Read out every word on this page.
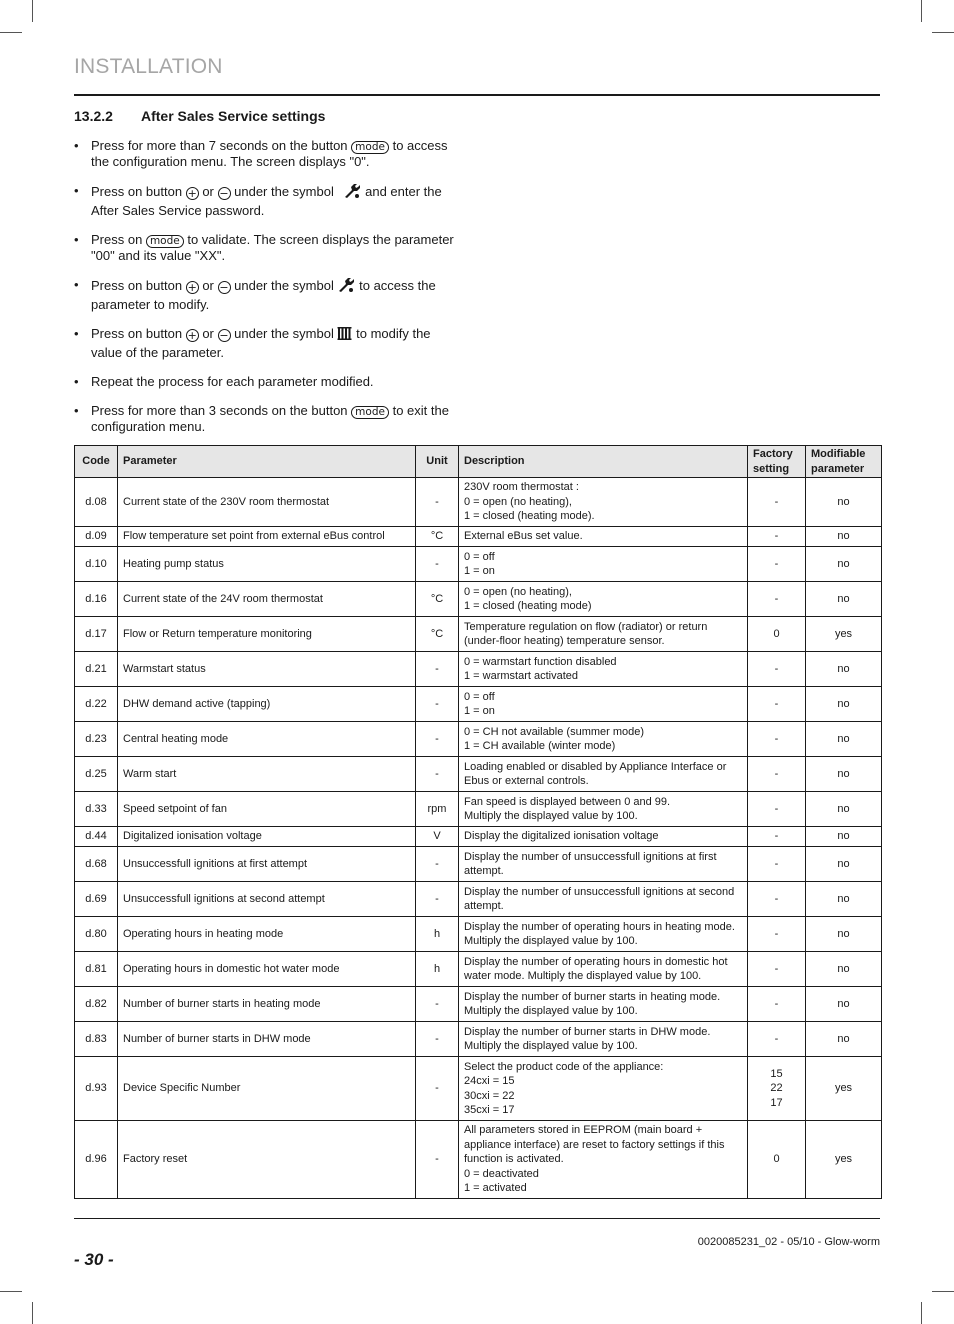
INSTALLATION
13.2.2 After Sales Service settings
• Press for more than 7 seconds on the button mode to access the configuration menu. The screen displays "0".
• Press on button + or − under the symbol and enter the After Sales Service password.
• Press on mode to validate. The screen displays the parameter "00" and its value "XX".
• Press on button + or − under the symbol to access the parameter to modify.
• Press on button + or − under the symbol to modify the value of the parameter.
• Repeat the process for each parameter modified.
• Press for more than 3 seconds on the button mode to exit the configuration menu.
Code	Parameter	Unit	Description	Factory setting	Modifiable parameter
d.08	Current state of the 230V room thermostat	-	230V room thermostat :
0 = open (no heating),
1 = closed (heating mode).	-	no
d.09	Flow temperature set point from external eBus control	°C	External eBus set value.	-	no
d.10	Heating pump status	-	0 = off
1 = on	-	no
d.16	Current state of the 24V room thermostat	°C	0 = open (no heating),
1 = closed (heating mode)	-	no
d.17	Flow or Return temperature monitoring	°C	Temperature regulation on flow (radiator) or return (under-floor heating) temperature sensor.	0	yes
d.21	Warmstart status	-	0 = warmstart function disabled
1 = warmstart activated	-	no
d.22	DHW demand active (tapping)	-	0 = off
1 = on	-	no
d.23	Central heating mode	-	0 = CH not available (summer mode)
1 = CH available (winter mode)	-	no
d.25	Warm start	-	Loading enabled or disabled by Appliance Interface or Ebus or external controls.	-	no
d.33	Speed setpoint of fan	rpm	Fan speed is displayed between 0 and 99.
Multiply the displayed value by 100.	-	no
d.44	Digitalized ionisation voltage	V	Display the digitalized ionisation voltage	-	no
d.68	Unsuccessfull ignitions at first attempt	-	Display the number of unsuccessfull ignitions at first attempt.	-	no
d.69	Unsuccessfull ignitions at second attempt	-	Display the number of unsuccessfull ignitions at second attempt.	-	no
d.80	Operating hours in heating mode	h	Display the number of operating hours in heating mode. Multiply the displayed value by 100.	-	no
d.81	Operating hours in domestic hot water mode	h	Display the number of operating hours in domestic hot water mode. Multiply the displayed value by 100.	-	no
d.82	Number of burner starts in heating mode	-	Display the number of burner starts in heating mode. Multiply the displayed value by 100.	-	no
d.83	Number of burner starts in DHW mode	-	Display the number of burner starts in DHW mode. Multiply the displayed value by 100.	-	no
d.93	Device Specific Number	-	Select the product code of the appliance:
24cxi = 15
30cxi = 22
35cxi = 17	15
22
17	yes
d.96	Factory reset	-	All parameters stored in EEPROM (main board + appliance interface) are reset to factory settings if this function is activated.
0 = deactivated
1 = activated	0	yes
0020085231_02 - 05/10 - Glow-worm
- 30 -
